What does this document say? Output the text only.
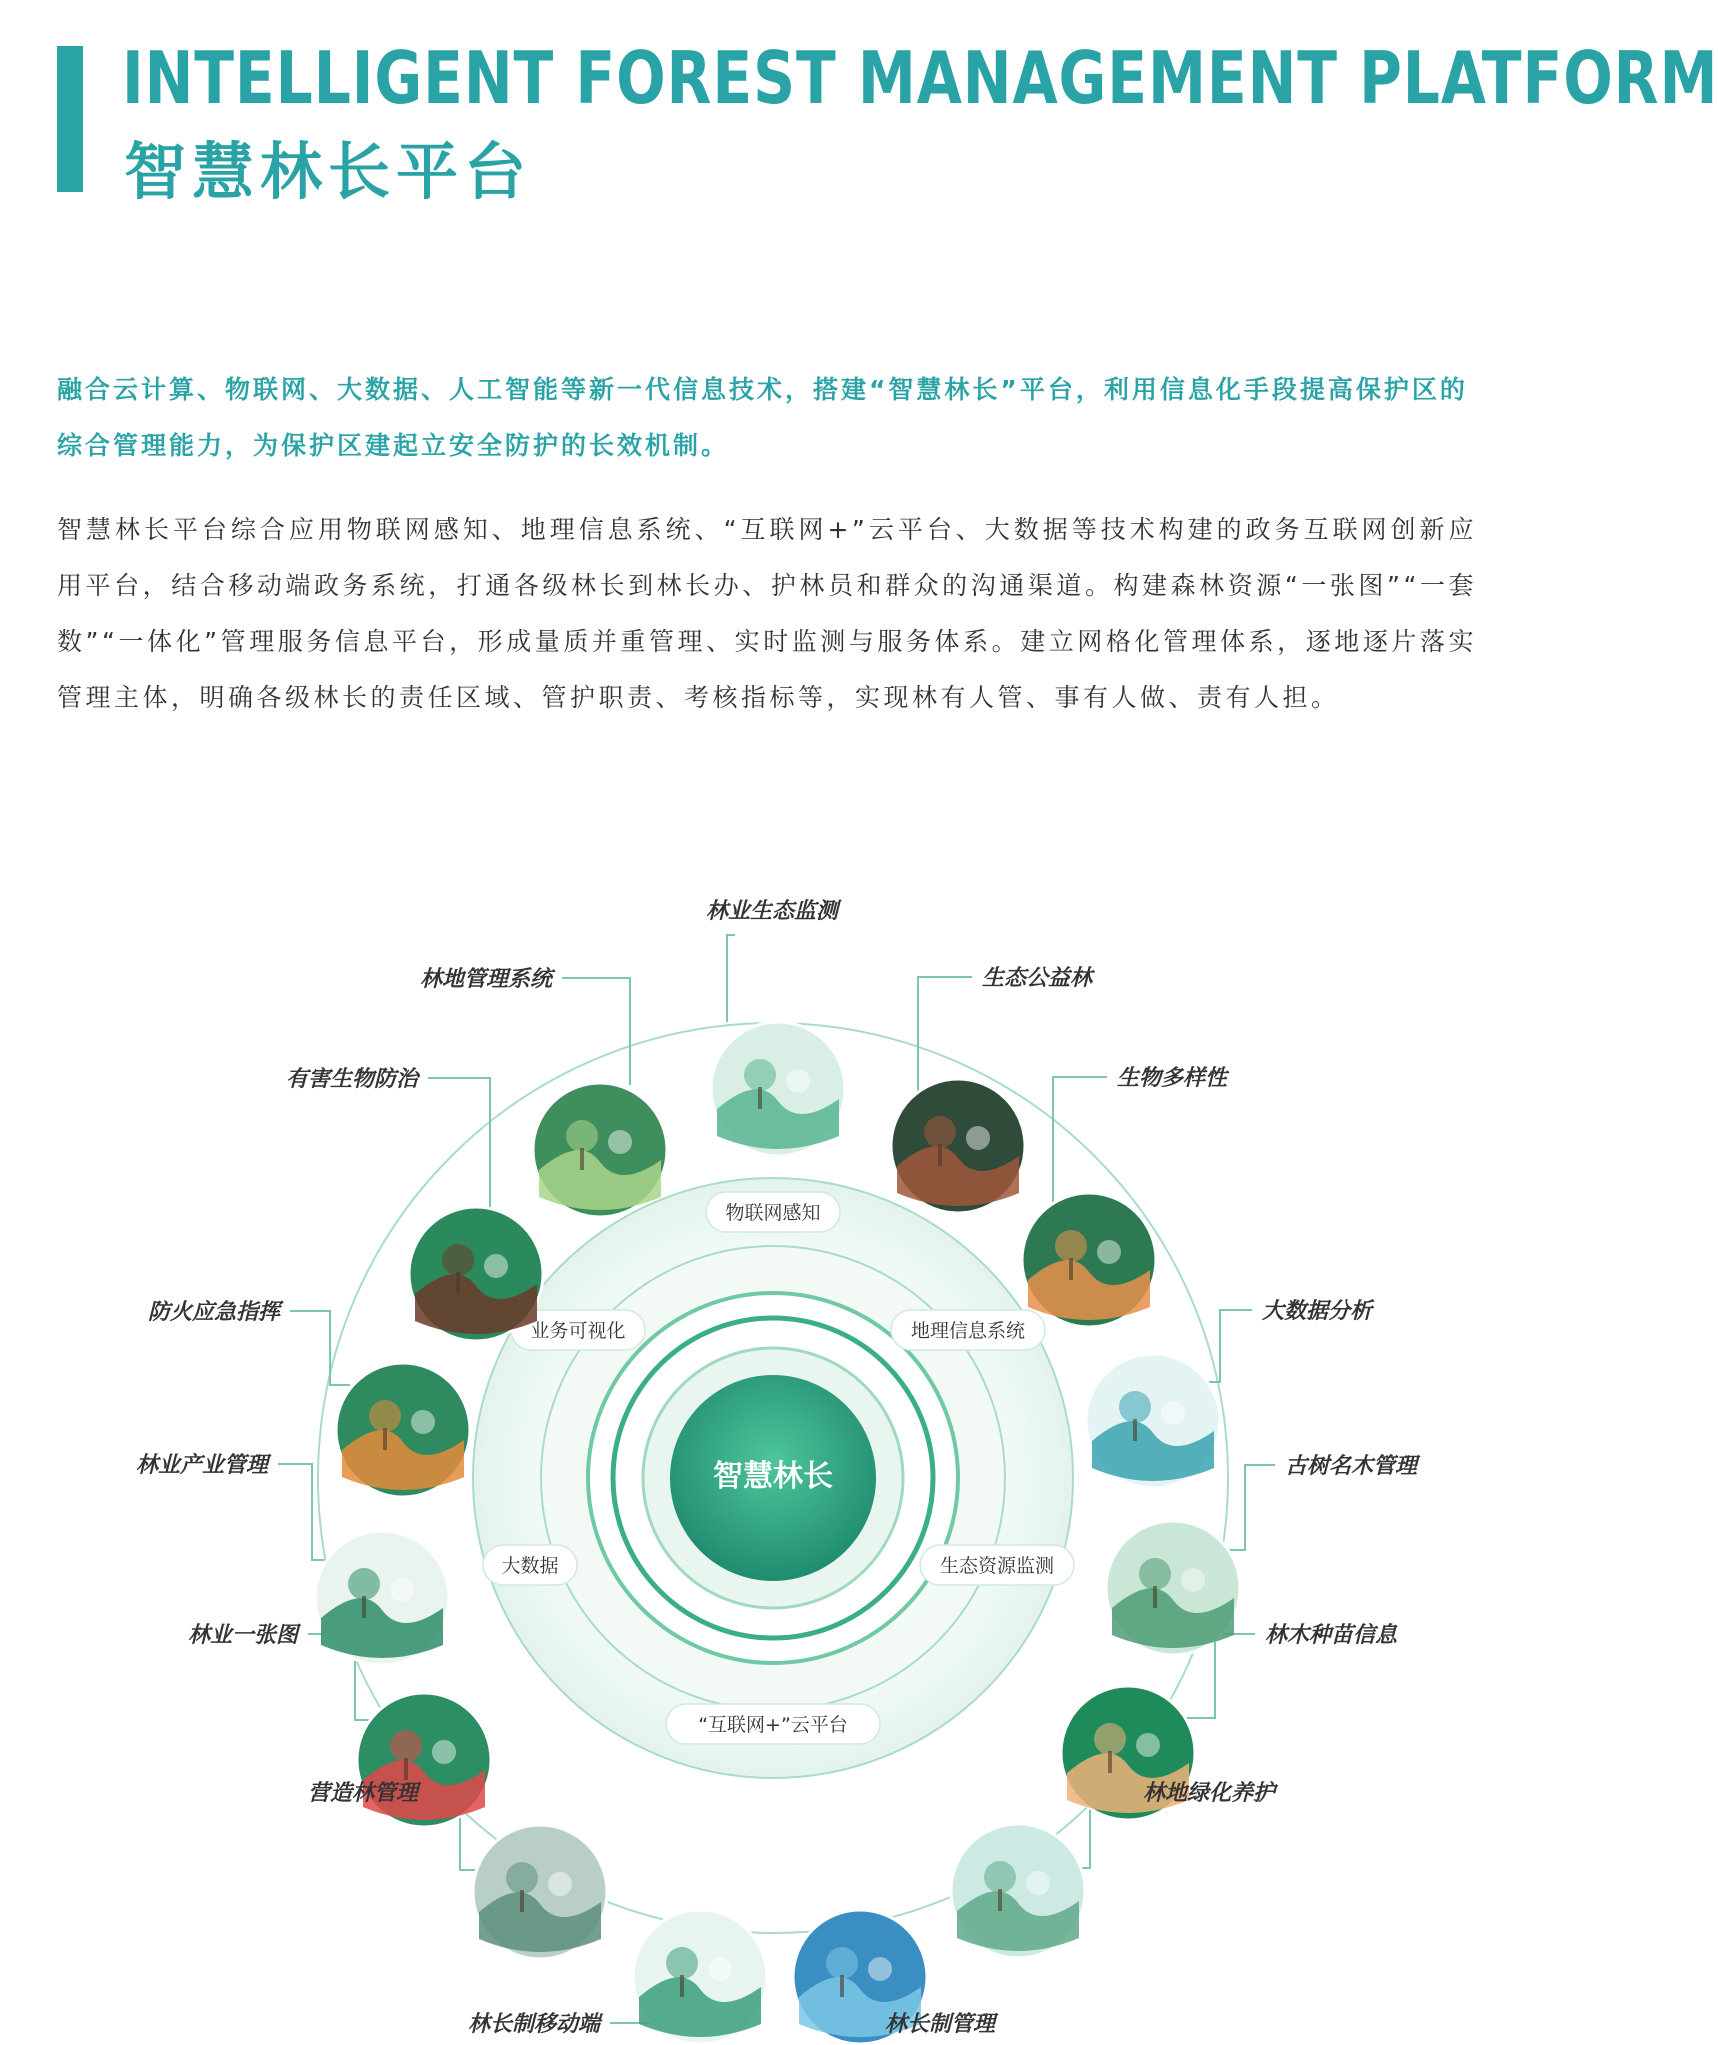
INTELLIGENT FOREST MANAGEMENT PLATFORM
智慧林长平台
融合云计算、物联网、大数据、人工智能等新一代信息技术，搭建“智慧林长”平台，利用信息化手段提高保护区的综合管理能力，为保护区建起立安全防护的长效机制。
智慧林长平台综合应用物联网感知、地理信息系统、“互联网+”云平台、大数据等技术构建的政务互联网创新应用平台，结合移动端政务系统，打通各级林长到林长办、护林员和群众的沟通渠道。构建森林资源“一张图”“一套数”“一体化”管理服务信息平台，形成量质并重管理、实时监测与服务体系。建立网格化管理体系，逐地逐片落实管理主体，明确各级林长的责任区域、管护职责、考核指标等，实现林有人管、事有人做、责有人担。
物联网感知
地理信息系统
生态资源监测
“互联网+”云平台
大数据
业务可视化
林业生态监测
生态公益林
生物多样性
大数据分析
古树名木管理
林木种苗信息
林地绿化养护
林长制管理
林长制移动端
营造林管理
林业一张图
林业产业管理
防火应急指挥
有害生物防治
林地管理系统
智慧林长
